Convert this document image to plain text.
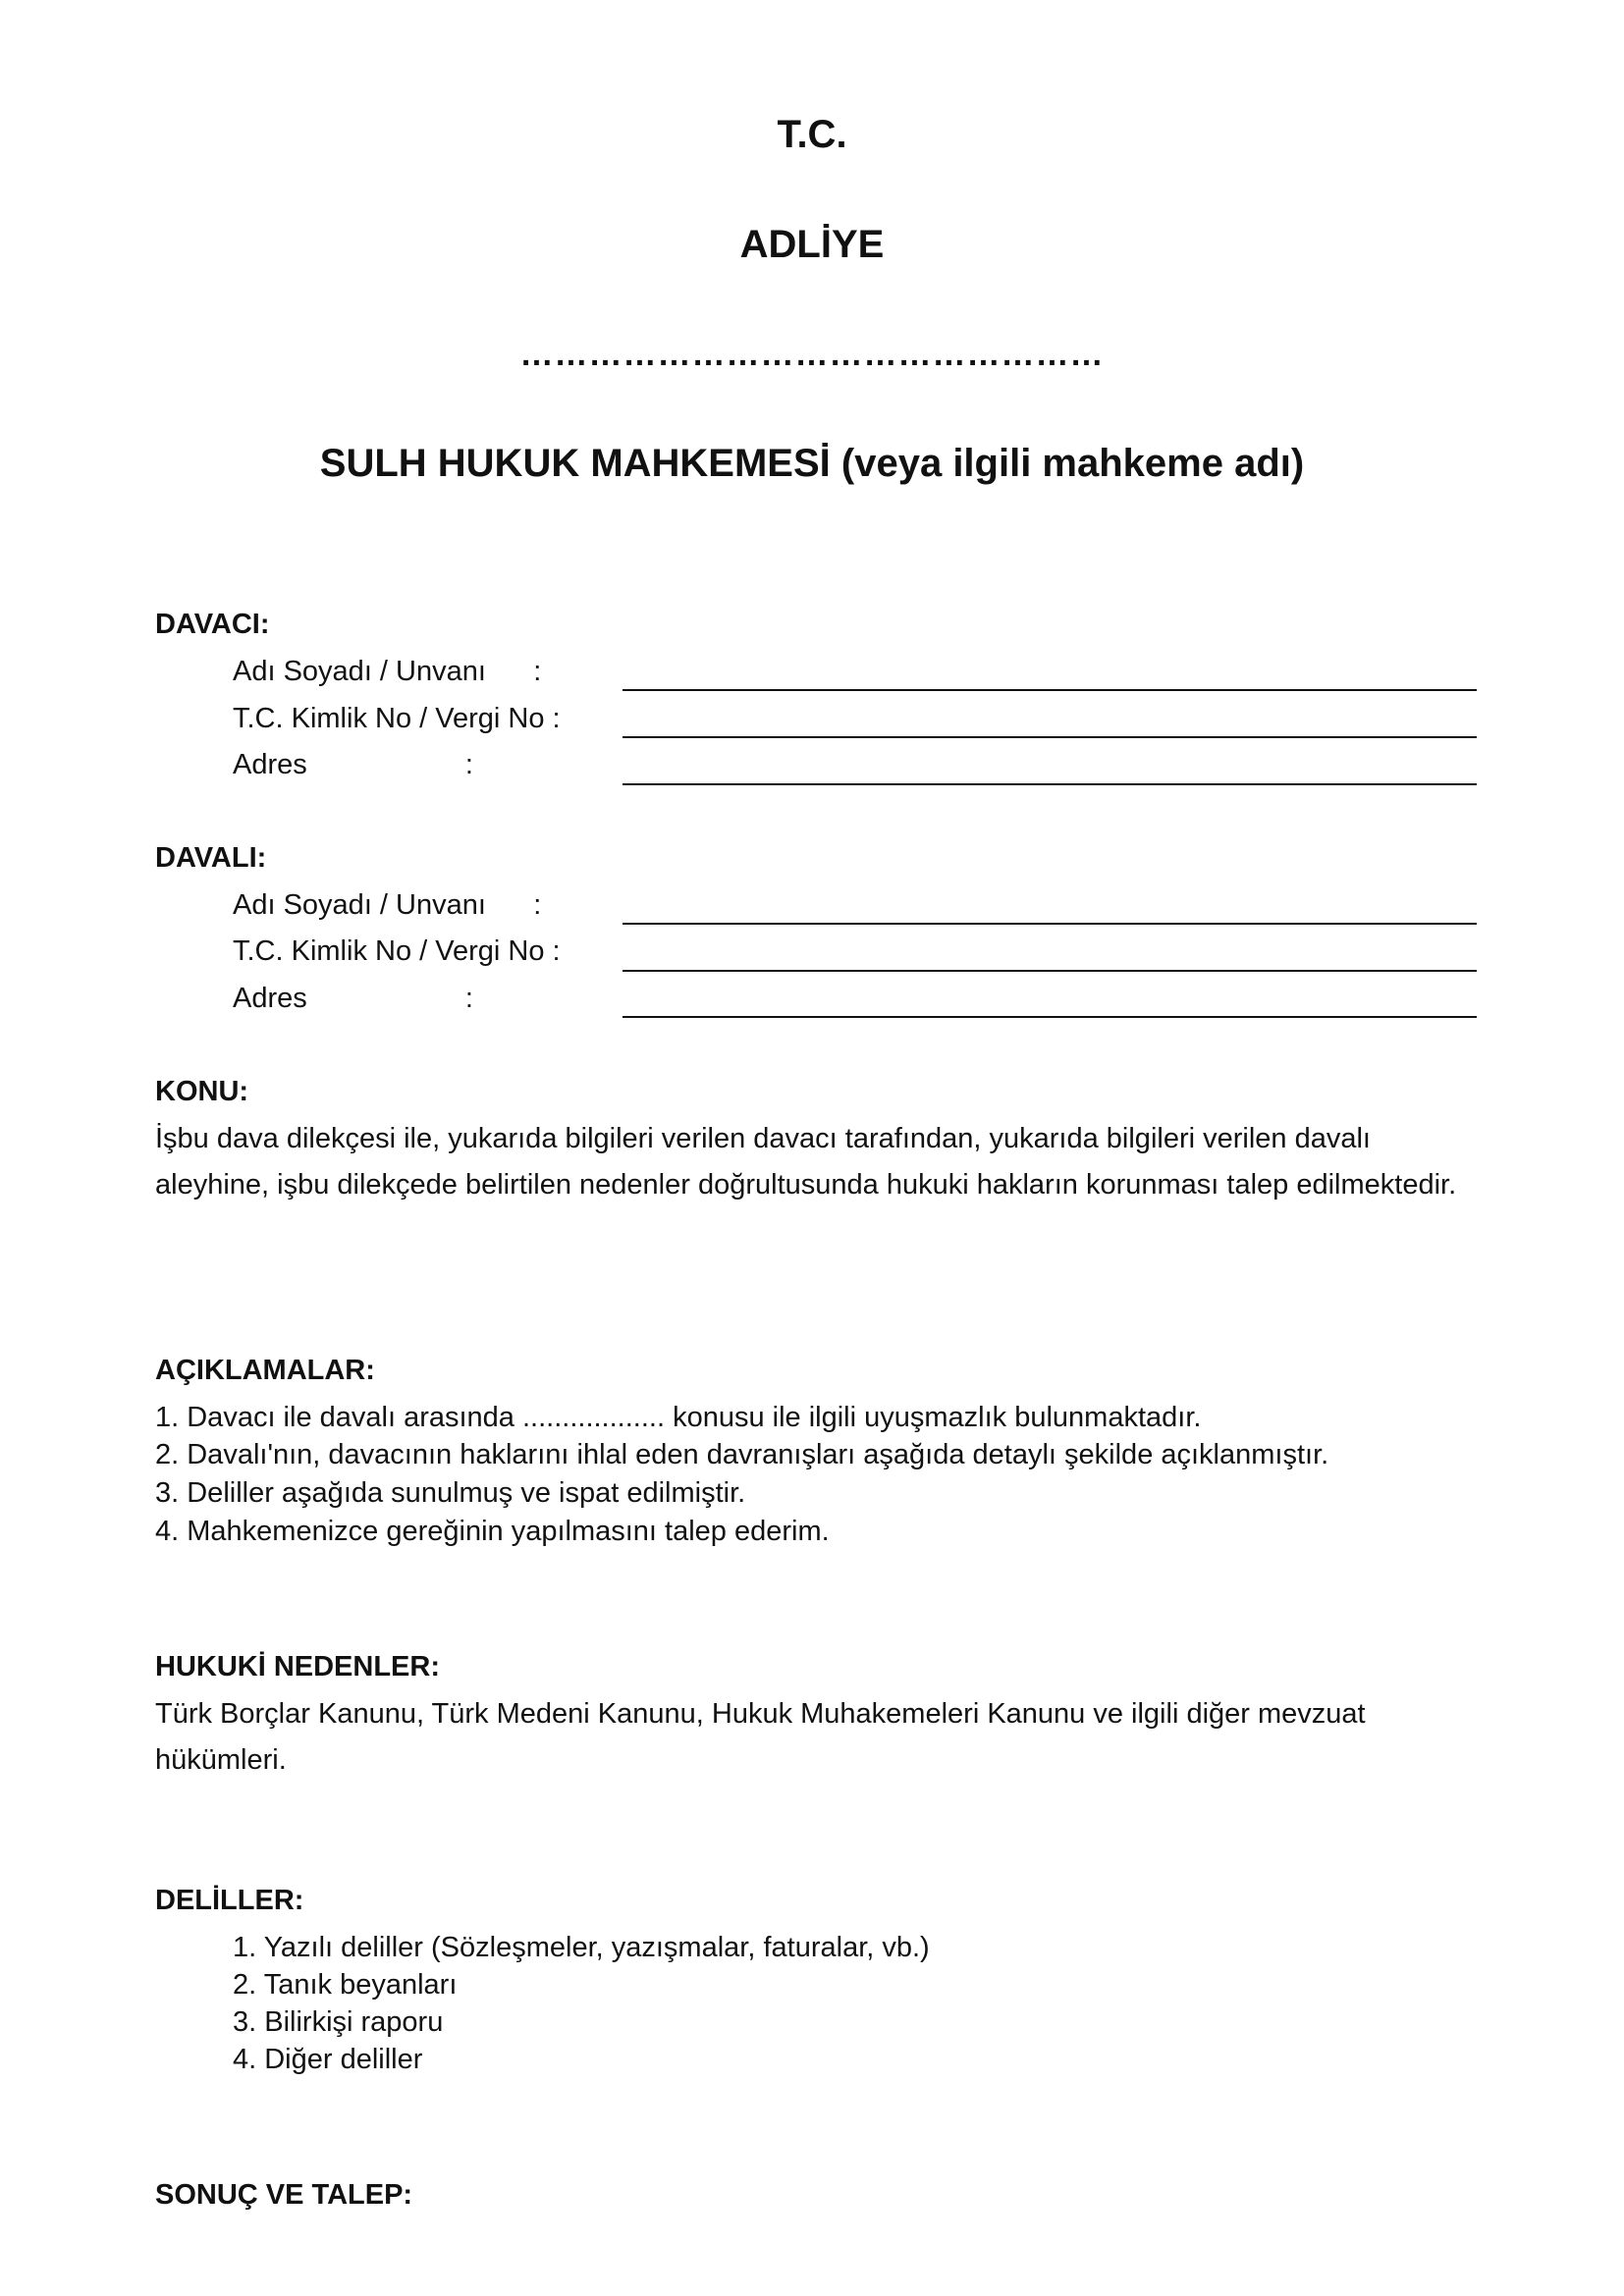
T.C.
ADLİYE
……………………………………………
SULH HUKUK MAHKEMESİ (veya ilgili mahkeme adı)
DAVACI:
Adı Soyadı / Unvanı      :
T.C. Kimlik No / Vergi No :
Adres                    :
DAVALI:
Adı Soyadı / Unvanı      :
T.C. Kimlik No / Vergi No :
Adres                    :
KONU:
İşbu dava dilekçesi ile, yukarıda bilgileri verilen davacı tarafından, yukarıda bilgileri verilen davalı aleyhine, işbu dilekçede belirtilen nedenler doğrultusunda hukuki hakların korunması talep edilmektedir.
AÇIKLAMALAR:
1. Davacı ile davalı arasında .................. konusu ile ilgili uyuşmazlık bulunmaktadır.
2. Davalı'nın, davacının haklarını ihlal eden davranışları aşağıda detaylı şekilde açıklanmıştır.
3. Deliller aşağıda sunulmuş ve ispat edilmiştir.
4. Mahkemenizce gereğinin yapılmasını talep ederim.
HUKUKİ NEDENLER:
Türk Borçlar Kanunu, Türk Medeni Kanunu, Hukuk Muhakemeleri Kanunu ve ilgili diğer mevzuat hükümleri.
DELİLLER:
1. Yazılı deliller (Sözleşmeler, yazışmalar, faturalar, vb.)
2. Tanık beyanları
3. Bilirkişi raporu
4. Diğer deliller
SONUÇ VE TALEP:
